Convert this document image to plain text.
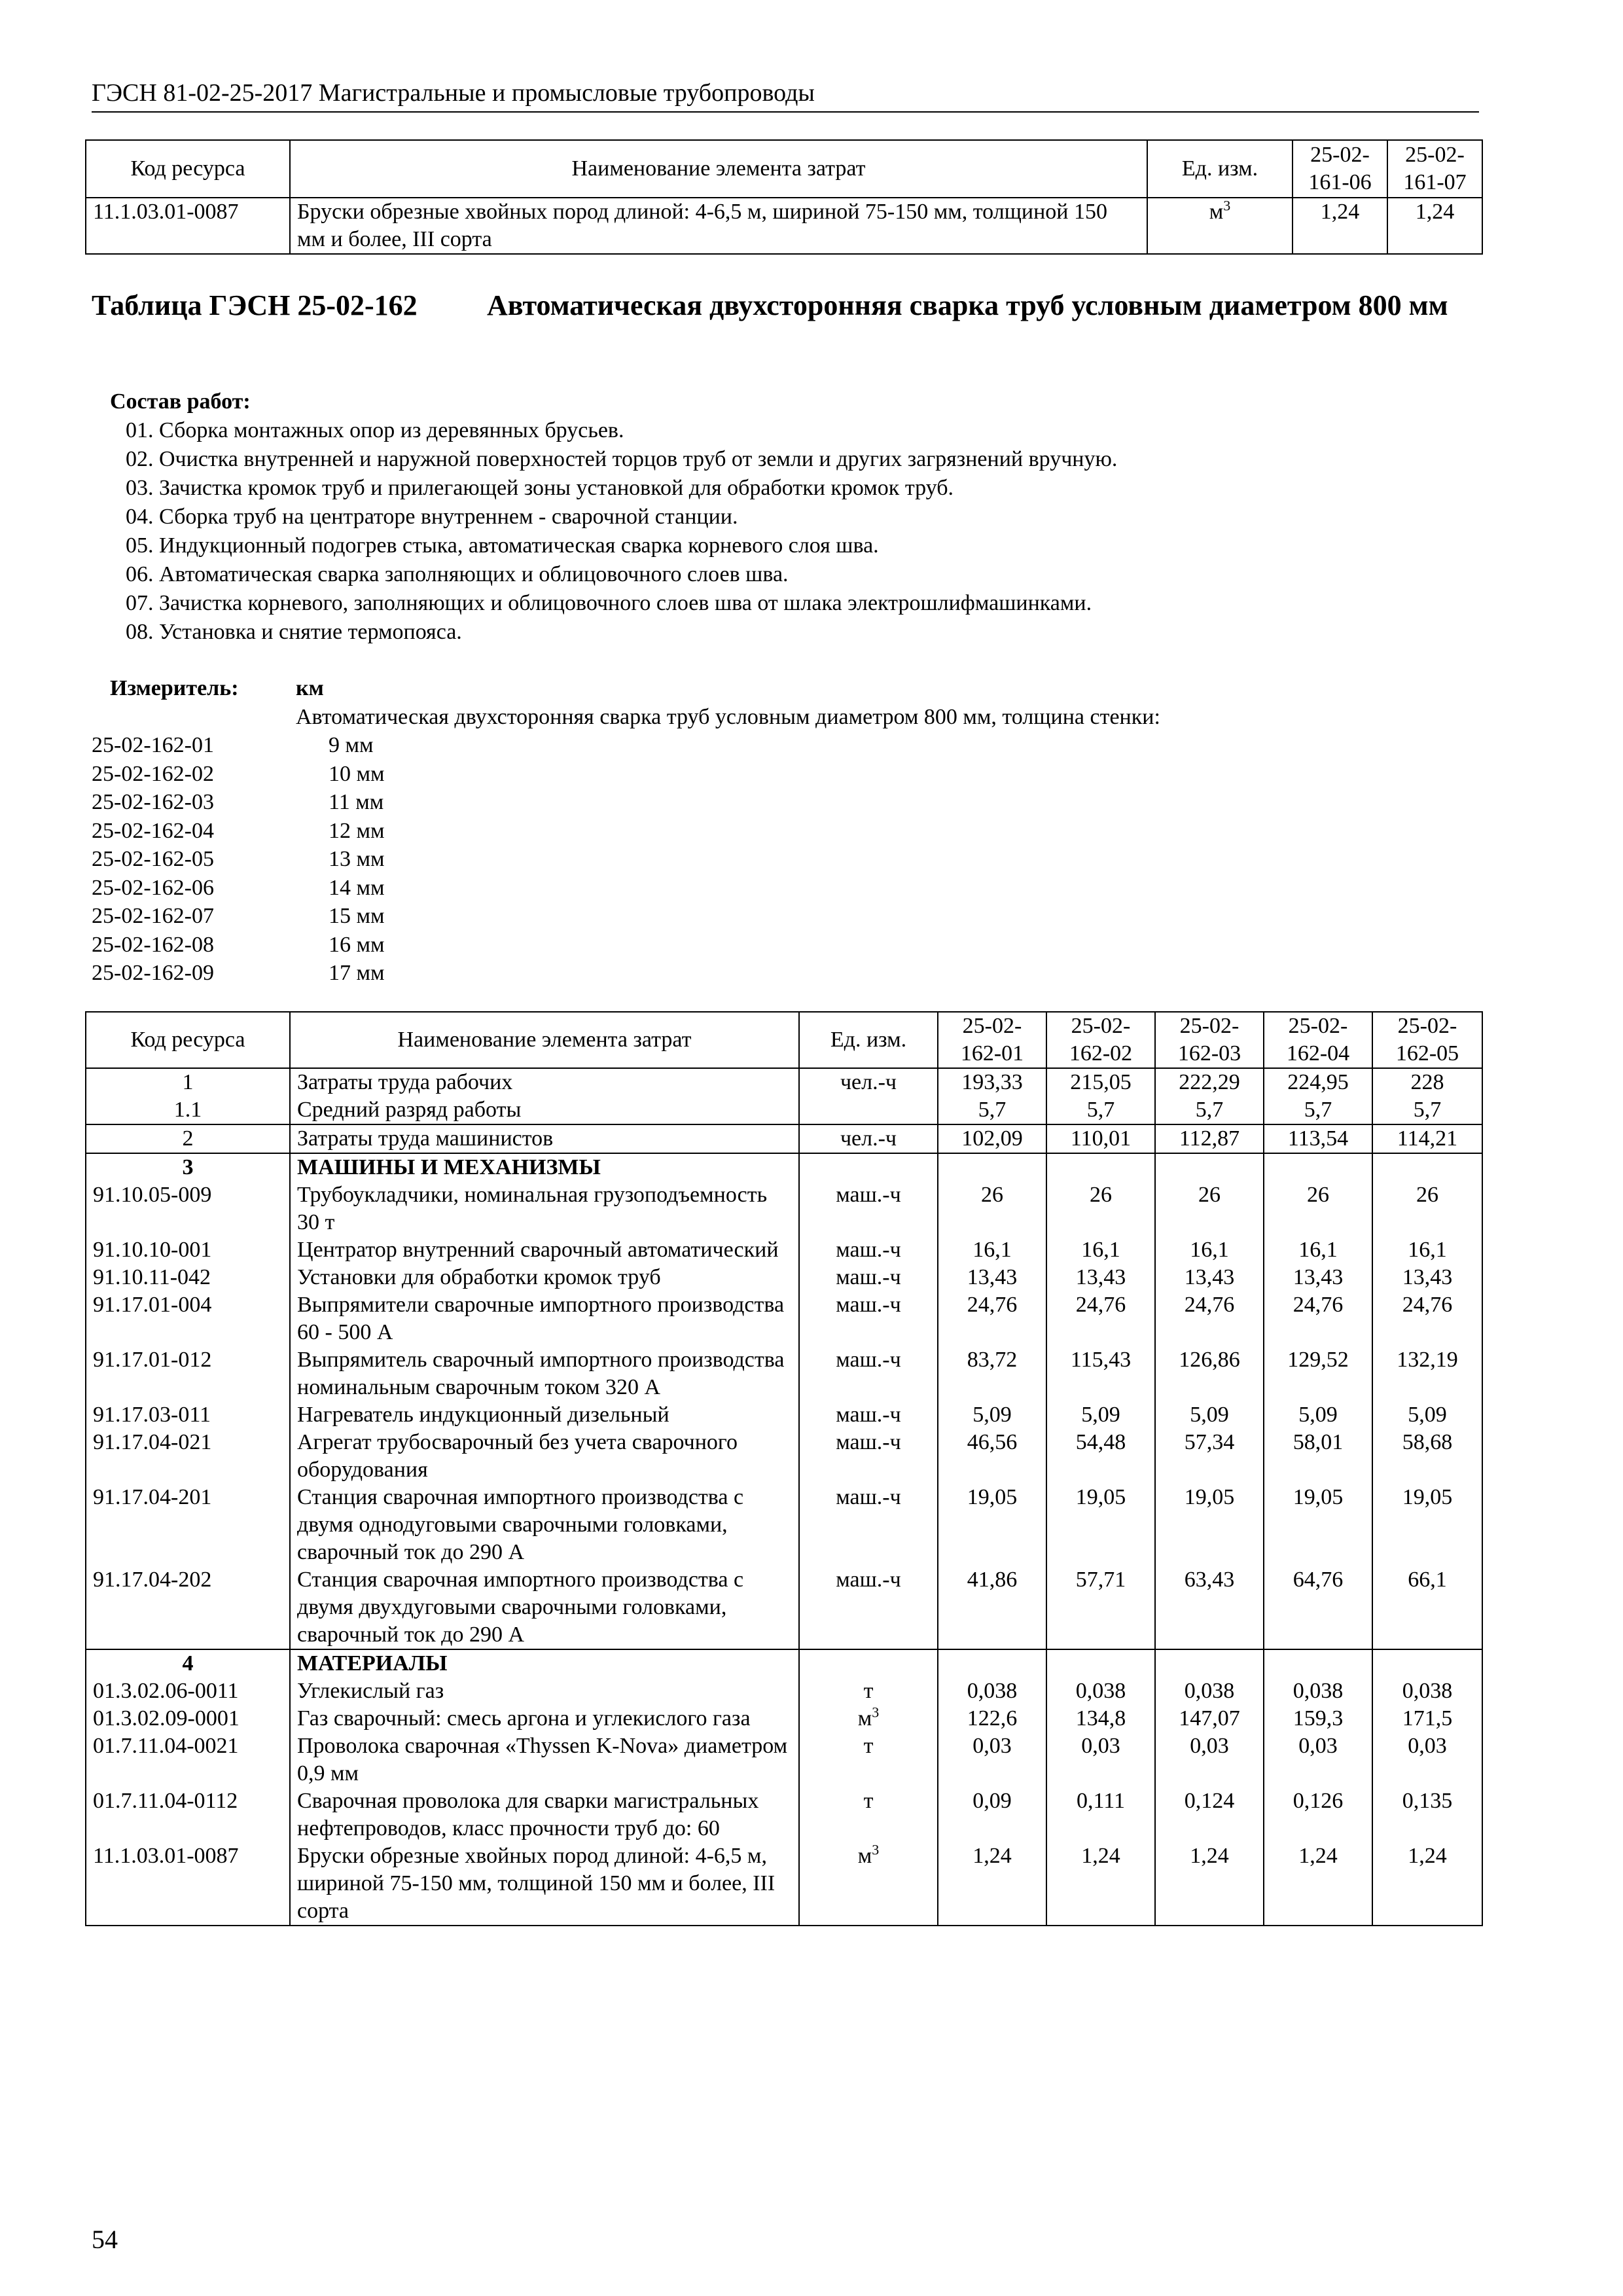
ГЭСН 81-02-25-2017 Магистральные и промысловые трубопроводы
Код ресурса	Наименование элемента затрат	Ед. изм.	25-02-161-06	25-02-161-07
11.1.03.01-0087	Бруски обрезные хвойных пород длиной: 4-6,5 м, шириной 75-150 мм, толщиной 150 мм и более, III сорта	$м^3$	1,24	1,24
Таблица ГЭСН 25-02-162 Автоматическая двухсторонняя сварка труб условным диаметром 800 мм
Состав работ:
01. Сборка монтажных опор из деревянных брусьев.
02. Очистка внутренней и наружной поверхностей торцов труб от земли и других загрязнений вручную.
03. Зачистка кромок труб и прилегающей зоны установкой для обработки кромок труб.
04. Сборка труб на центраторе внутреннем - сварочной станции.
05. Индукционный подогрев стыка, автоматическая сварка корневого слоя шва.
06. Автоматическая сварка заполняющих и облицовочного слоев шва.
07. Зачистка корневого, заполняющих и облицовочного слоев шва от шлака электрошлифмашинками.
08. Установка и снятие термопояса.
Измеритель:	км
Автоматическая двухсторонняя сварка труб условным диаметром 800 мм, толщина стенки:
25-02-162-01	9 мм
25-02-162-02	10 мм
25-02-162-03	11 мм
25-02-162-04	12 мм
25-02-162-05	13 мм
25-02-162-06	14 мм
25-02-162-07	15 мм
25-02-162-08	16 мм
25-02-162-09	17 мм
Код ресурса	Наименование элемента затрат	Ед. изм.	25-02-162-01	25-02-162-02	25-02-162-03	25-02-162-04	25-02-162-05
1	Затраты труда рабочих	чел.-ч	193,33	215,05	222,29	224,95	228
1.1	Средний разряд работы		5,7	5,7	5,7	5,7	5,7
2	Затраты труда машинистов	чел.-ч	102,09	110,01	112,87	113,54	114,21
3	МАШИНЫ И МЕХАНИЗМЫ						
91.10.05-009	Трубоукладчики, номинальная грузоподъемность 30 т	маш.-ч	26	26	26	26	26
91.10.10-001	Центратор внутренний сварочный автоматический	маш.-ч	16,1	16,1	16,1	16,1	16,1
91.10.11-042	Установки для обработки кромок труб	маш.-ч	13,43	13,43	13,43	13,43	13,43
91.17.01-004	Выпрямители сварочные импортного производства 60 - 500 А	маш.-ч	24,76	24,76	24,76	24,76	24,76
91.17.01-012	Выпрямитель сварочный импортного производства номинальным сварочным током 320 А	маш.-ч	83,72	115,43	126,86	129,52	132,19
91.17.03-011	Нагреватель индукционный дизельный	маш.-ч	5,09	5,09	5,09	5,09	5,09
91.17.04-021	Агрегат трубосварочный без учета сварочного оборудования	маш.-ч	46,56	54,48	57,34	58,01	58,68
91.17.04-201	Станция сварочная импортного производства с двумя однодуговыми сварочными головками, сварочный ток до 290 А	маш.-ч	19,05	19,05	19,05	19,05	19,05
91.17.04-202	Станция сварочная импортного производства с двумя двухдуговыми сварочными головками, сварочный ток до 290 А	маш.-ч	41,86	57,71	63,43	64,76	66,1
4	МАТЕРИАЛЫ						
01.3.02.06-0011	Углекислый газ	т	0,038	0,038	0,038	0,038	0,038
01.3.02.09-0001	Газ сварочный: смесь аргона и углекислого газа	$м^3$	122,6	134,8	147,07	159,3	171,5
01.7.11.04-0021	Проволока сварочная «Thyssen K-Nova» диаметром 0,9 мм	т	0,03	0,03	0,03	0,03	0,03
01.7.11.04-0112	Сварочная проволока для сварки магистральных нефтепроводов, класс прочности труб до: 60	т	0,09	0,111	0,124	0,126	0,135
11.1.03.01-0087	Бруски обрезные хвойных пород длиной: 4-6,5 м, шириной 75-150 мм, толщиной 150 мм и более, III сорта	$м^3$	1,24	1,24	1,24	1,24	1,24
54
